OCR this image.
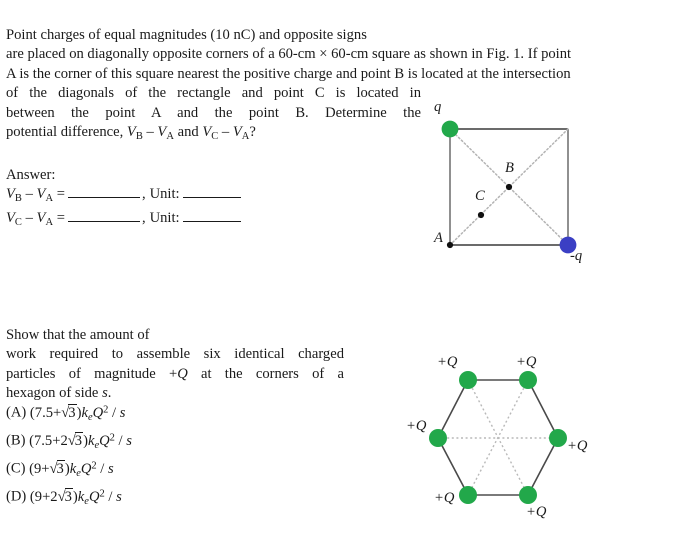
Point charges of equal magnitudes (10 nC) and opposite signs
are placed on diagonally opposite corners of a 60-cm × 60-cm square as shown in Fig. 1. If point
A is the corner of this square nearest the positive charge and point B is located at the intersection
of the diagonals of the rectangle and point C is located in
between the point A and the point B. Determine the
potential difference, $V_B - V_A$ and $V_C - V_A$?
Answer:
$V_B - V_A$ =	, Unit:
$V_C - V_A$ =	, Unit:
q
-q
A
B
C
Show that the amount of
work required to assemble six identical charged
particles of magnitude +Q at the corners of a
hexagon of side s.
(A) (7.5+√3)keQ$^2$ / s
(B) (7.5+2√3)keQ$^2$ / s
(C) (9+√3)keQ$^2$ / s
(D) (9+2√3)keQ$^2$ / s
+Q	+Q
+Q
+Q
+Q
+Q
